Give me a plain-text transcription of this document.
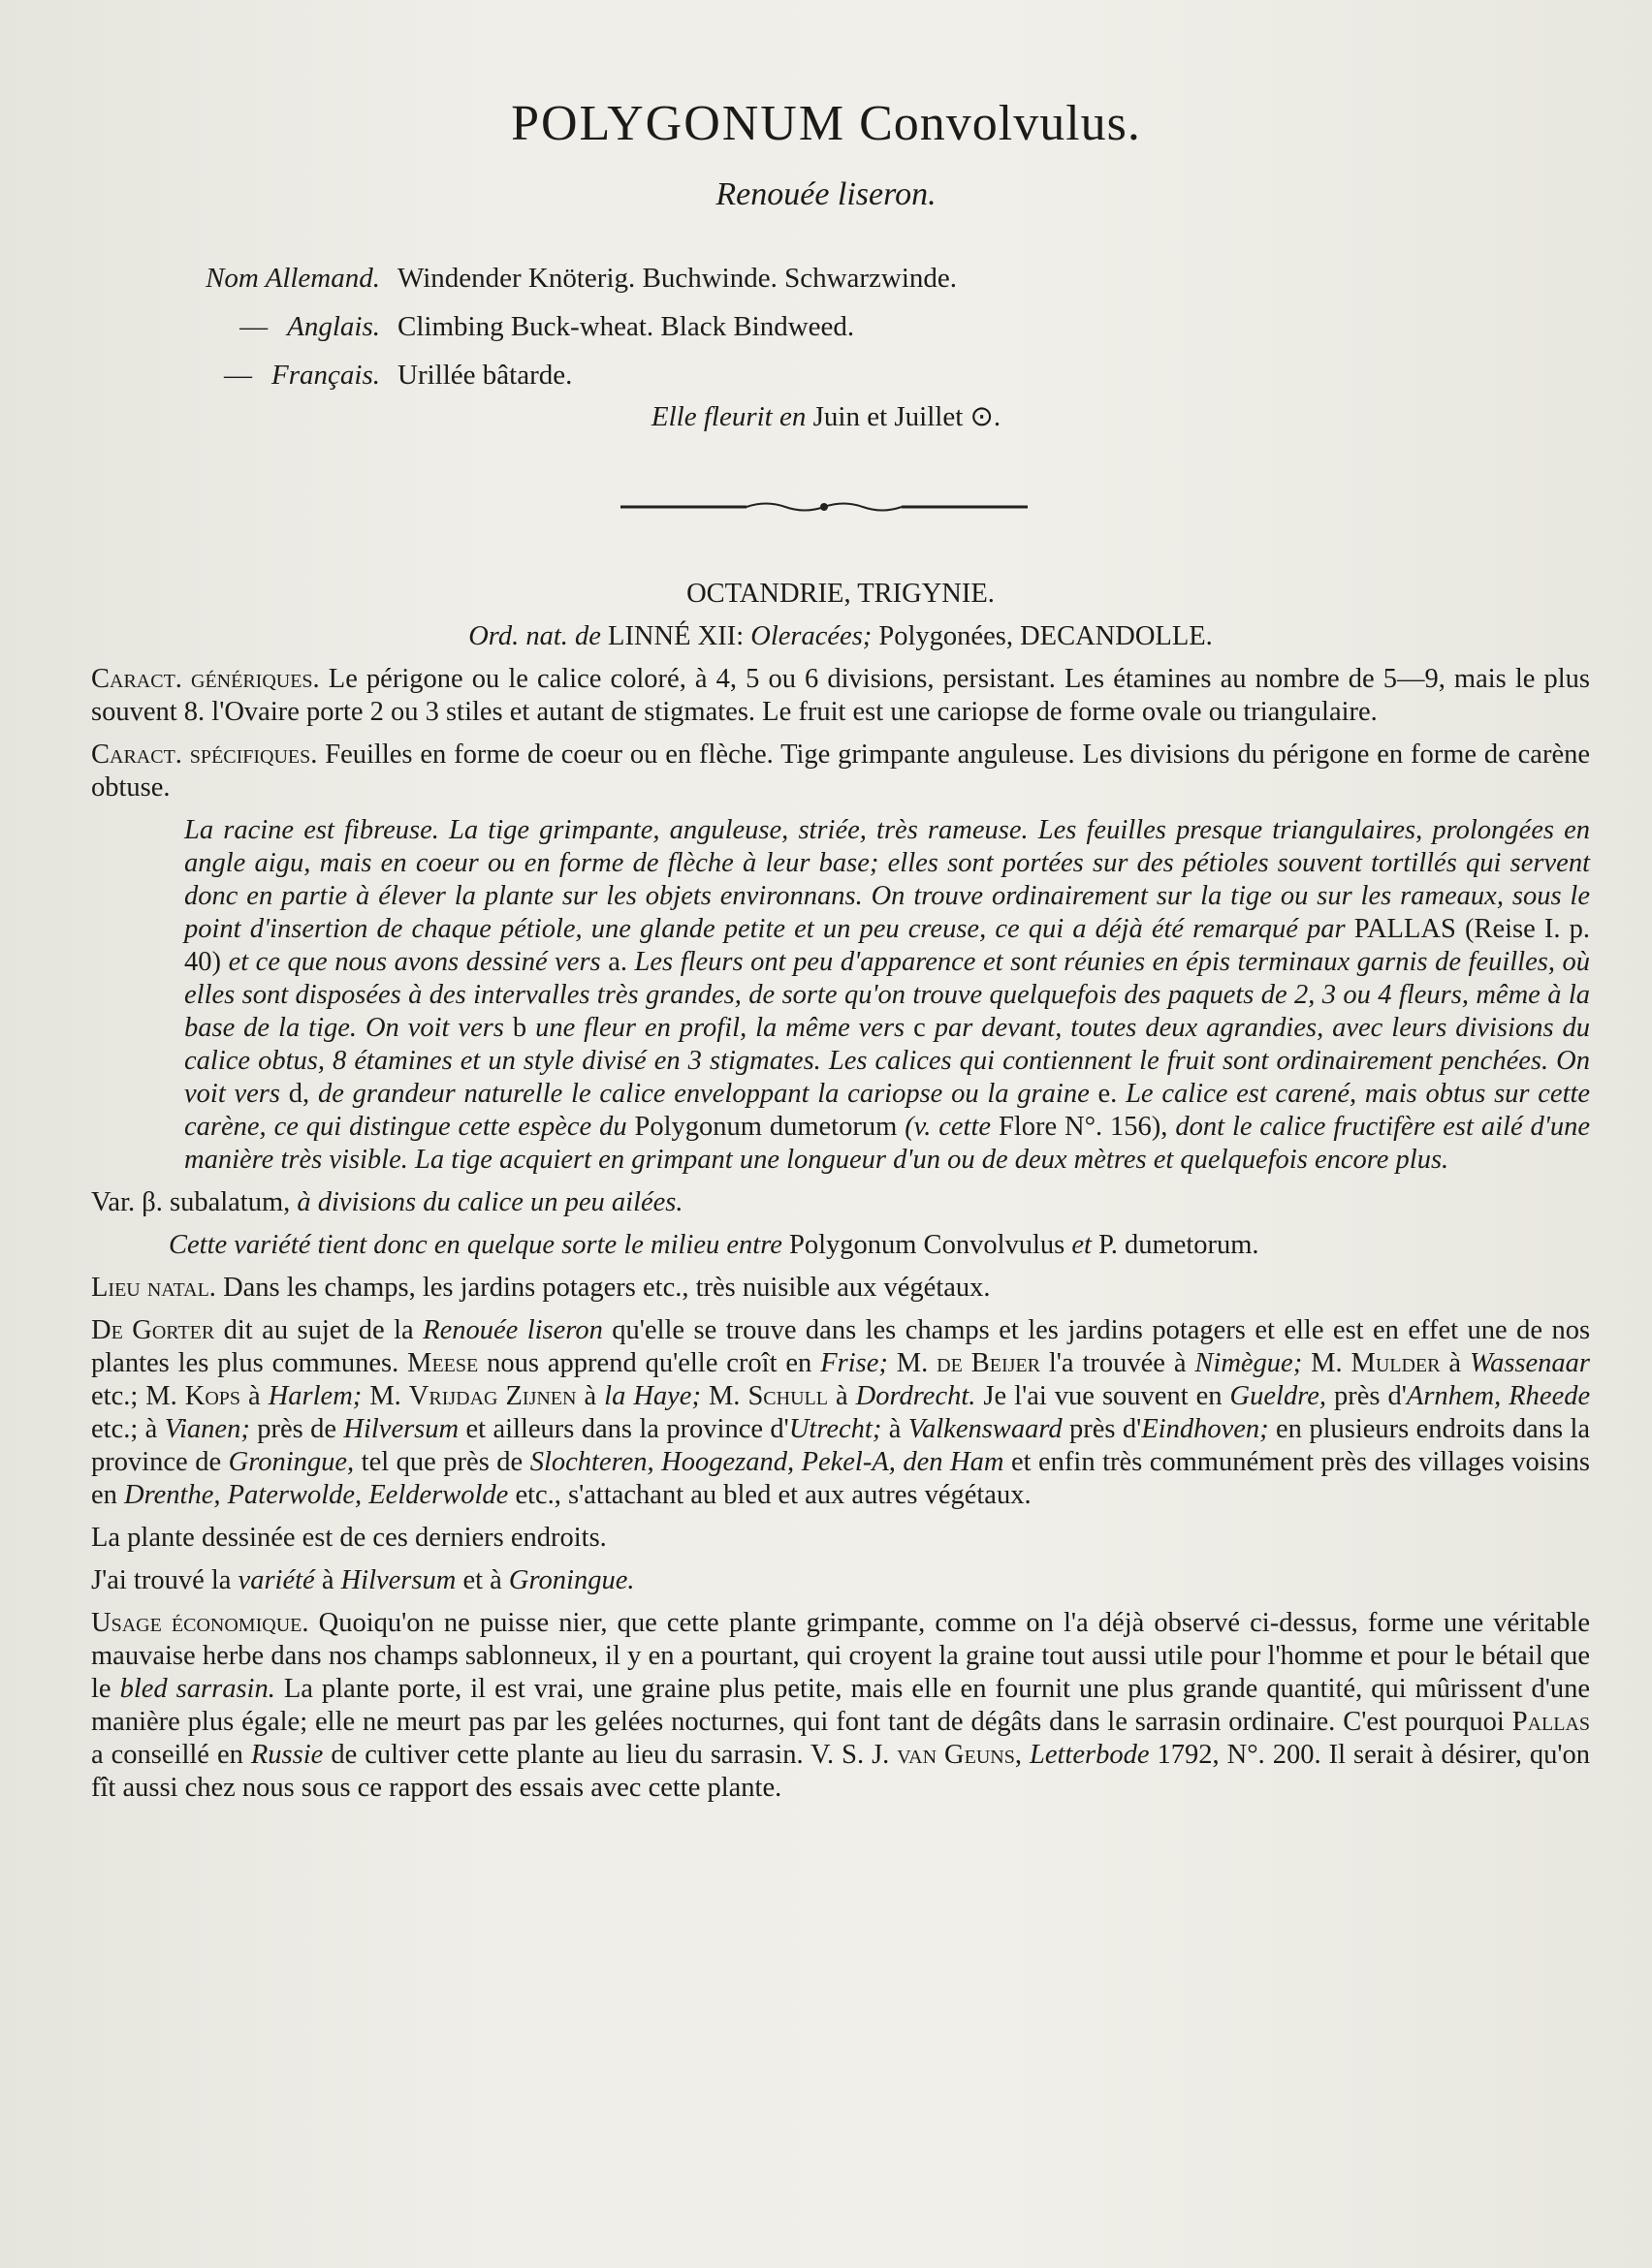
POLYGONUM Convolvulus.
Renouée liseron.
Nom Allemand. Windender Knöterig. Buchwinde. Schwarzwinde.
— Anglais. Climbing Buck-wheat. Black Bindweed.
— Français. Urillée bâtarde.
Elle fleurit en Juin et Juillet ⊙.

OCTANDRIE, TRIGYNIE.

Ord. nat. de LINNÉ XII: Oleracées; Polygonées, DECANDOLLE.

Caract. génériques. Le périgone ou le calice coloré, à 4, 5 ou 6 divisions, persistant. Les étamines au nombre de 5—9, mais le plus souvent 8. l'Ovaire porte 2 ou 3 stiles et autant de stigmates. Le fruit est une cariopse de forme ovale ou triangulaire.

Caract. spécifiques. Feuilles en forme de coeur ou en flèche. Tige grimpante anguleuse. Les divisions du périgone en forme de carène obtuse.

La racine est fibreuse. La tige grimpante, anguleuse, striée, très rameuse. Les feuilles presque triangulaires, prolongées en angle aigu, mais en coeur ou en forme de flèche à leur base; elles sont portées sur des pétioles souvent tortillés qui servent donc en partie à élever la plante sur les objets environnans. On trouve ordinairement sur la tige ou sur les rameaux, sous le point d'insertion de chaque pétiole, une glande petite et un peu creuse, ce qui a déjà été remarqué par PALLAS (Reise I. p. 40) et ce que nous avons dessiné vers a. Les fleurs ont peu d'apparence et sont réunies en épis terminaux garnis de feuilles, où elles sont disposées à des intervalles très grandes, de sorte qu'on trouve quelquefois des paquets de 2, 3 ou 4 fleurs, même à la base de la tige. On voit vers b une fleur en profil, la même vers c par devant, toutes deux agrandies, avec leurs divisions du calice obtus, 8 étamines et un style divisé en 3 stigmates. Les calices qui contiennent le fruit sont ordinairement penchées. On voit vers d, de grandeur naturelle le calice enveloppant la cariopse ou la graine e. Le calice est carené, mais obtus sur cette carène, ce qui distingue cette espèce du Polygonum dumetorum (v. cette Flore N°. 156), dont le calice fructifère est ailé d'une manière très visible. La tige acquiert en grimpant une longueur d'un ou de deux mètres et quelquefois encore plus.

Var. β. subalatum, à divisions du calice un peu ailées.

Cette variété tient donc en quelque sorte le milieu entre Polygonum Convolvulus et P. dumetorum.

Lieu natal. Dans les champs, les jardins potagers etc., très nuisible aux végétaux.

De Gorter dit au sujet de la Renouée liseron qu'elle se trouve dans les champs et les jardins potagers et elle est en effet une de nos plantes les plus communes. Meese nous apprend qu'elle croît en Frise; M. de Beijer l'a trouvée à Nimègue; M. Mulder à Wassenaar etc.; M. Kops à Harlem; M. Vrijdag Zijnen à la Haye; M. Schull à Dordrecht. Je l'ai vue souvent en Gueldre, près d'Arnhem, Rheede etc.; à Vianen; près de Hilversum et ailleurs dans la province d'Utrecht; à Valkenswaard près d'Eindhoven; en plusieurs endroits dans la province de Groningue, tel que près de Slochteren, Hoogezand, Pekel-A, den Ham et enfin très communément près des villages voisins en Drenthe, Paterwolde, Eelderwolde etc., s'attachant au bled et aux autres végétaux.

La plante dessinée est de ces derniers endroits.

J'ai trouvé la variété à Hilversum et à Groningue.

Usage économique. Quoiqu'on ne puisse nier, que cette plante grimpante, comme on l'a déjà observé ci-dessus, forme une véritable mauvaise herbe dans nos champs sablonneux, il y en a pourtant, qui croyent la graine tout aussi utile pour l'homme et pour le bétail que le bled sarrasin. La plante porte, il est vrai, une graine plus petite, mais elle en fournit une plus grande quantité, qui mûrissent d'une manière plus égale; elle ne meurt pas par les gelées nocturnes, qui font tant de dégâts dans le sarrasin ordinaire. C'est pourquoi Pallas a conseillé en Russie de cultiver cette plante au lieu du sarrasin. V. S. J. van Geuns, Letterbode 1792, N°. 200. Il serait à désirer, qu'on fît aussi chez nous sous ce rapport des essais avec cette plante.
